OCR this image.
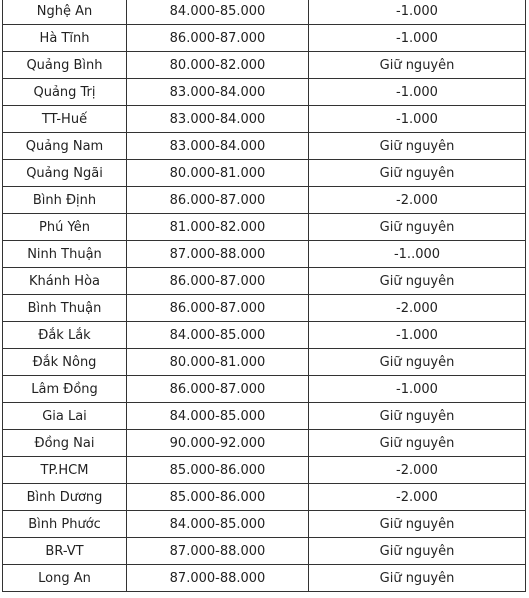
Nghệ An	84.000-85.000	-1.000
Hà Tĩnh	86.000-87.000	-1.000
Quảng Bình	80.000-82.000	Giữ nguyên
Quảng Trị	83.000-84.000	-1.000
TT-Huế	83.000-84.000	-1.000
Quảng Nam	83.000-84.000	Giữ nguyên
Quảng Ngãi	80.000-81.000	Giữ nguyên
Bình Định	86.000-87.000	-2.000
Phú Yên	81.000-82.000	Giữ nguyên
Ninh Thuận	87.000-88.000	-1..000
Khánh Hòa	86.000-87.000	Giữ nguyên
Bình Thuận	86.000-87.000	-2.000
Đắk Lắk	84.000-85.000	-1.000
Đắk Nông	80.000-81.000	Giữ nguyên
Lâm Đồng	86.000-87.000	-1.000
Gia Lai	84.000-85.000	Giữ nguyên
Đồng Nai	90.000-92.000	Giữ nguyên
TP.HCM	85.000-86.000	-2.000
Bình Dương	85.000-86.000	-2.000
Bình Phước	84.000-85.000	Giữ nguyên
BR-VT	87.000-88.000	Giữ nguyên
Long An	87.000-88.000	Giữ nguyên
